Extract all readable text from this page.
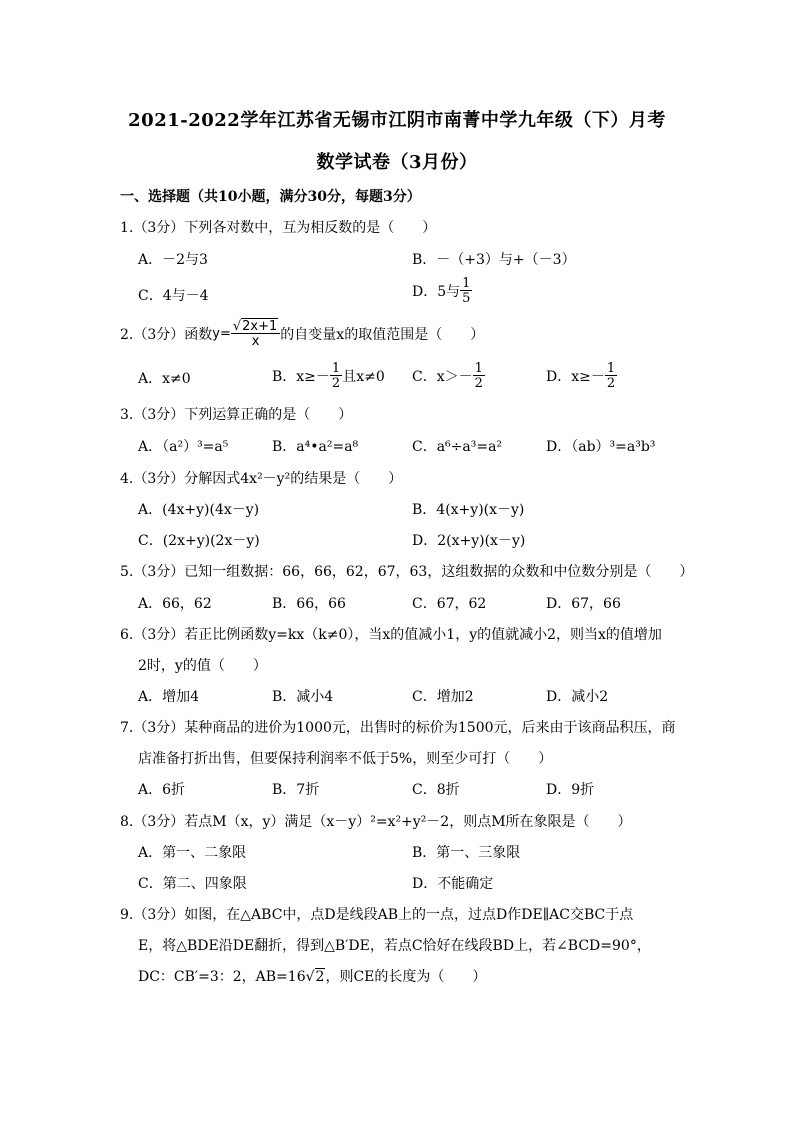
2021-2022学年江苏省无锡市江阴市南菁中学九年级（下）月考
数学试卷（3月份）
一、选择题（共10小题，满分30分，每题3分）
1.（3分）下列各对数中，互为相反数的是（　　）
A．－2与3	B．－（+3）与+（－3）
C．4与－4	D．5与 $\frac{1}{5}$
2.（3分）函数$y= \frac{√2x+1}{x}$ 的自变量x的取值范围是（　　）
A．x≠0	B．$x\ge- \frac{1}{2}$ 且x≠0 C．$x>- \frac{1}{2}$	D．$x\ge- \frac{1}{2}$
3.（3分）下列运算正确的是（　　）
A．（a²）³=a⁵	B．a⁴•a²=a⁸	C．a⁶÷a³=a²	D．（ab）³=a³b³
4.（3分）分解因式4x²－y²的结果是（　　）
A．(4x+y)(4x－y)	B．4(x+y)(x－y)
C．(2x+y)(2x－y)	D．2(x+y)(x－y)
5.（3分）已知一组数据：66，66，62，67，63，这组数据的众数和中位数分别是（　　）
A．66，62	B．66，66	C．67，62	D．67，66
6.（3分）若正比例函数y=kx（k≠0），当x的值减小1，y的值就减小2，则当x的值增加
2时，y的值（　　）
A．增加4	B．减小4	C．增加2	D．减小2
7.（3分）某种商品的进价为1000元，出售时的标价为1500元，后来由于该商品积压，商
店准备打折出售，但要保持利润率不低于5%，则至少可打（　　）
A．6折	B．7折	C．8折	D．9折
8.（3分）若点M（x，y）满足（x－y）²=x²+y²－2，则点M所在象限是（　　）
A．第一、二象限	B．第一、三象限
C．第二、四象限	D．不能确定
9.（3分）如图，在△ABC中，点D是线段AB上的一点，过点D作DE∥AC交BC于点
E，将△BDE沿DE翻折，得到△B′DE，若点C恰好在线段BD上，若∠BCD=90°，
DC：CB′=3：2，AB=16√2，则CE的长度为（　　）
